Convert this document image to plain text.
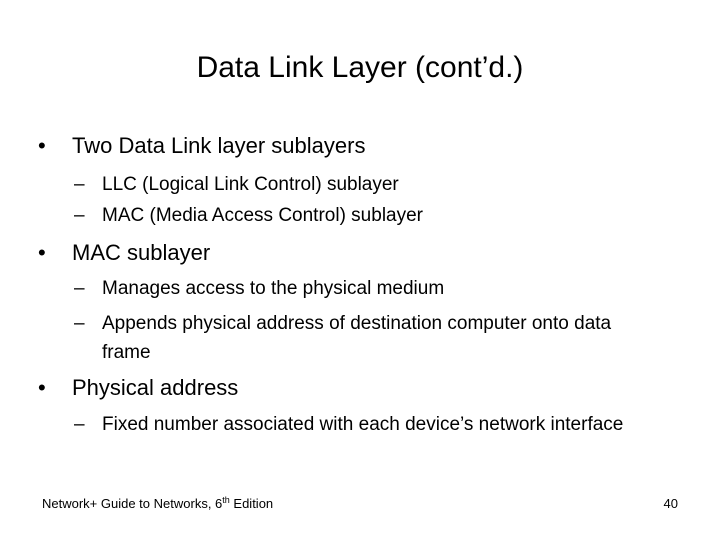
Data Link Layer (cont’d.)
• Two Data Link layer sublayers
– LLC (Logical Link Control) sublayer
– MAC (Media Access Control) sublayer
• MAC sublayer
– Manages access to the physical medium
– Appends physical address of destination computer onto data frame
• Physical address
– Fixed number associated with each device’s network interface
Network+ Guide to Networks, 6th Edition	40
